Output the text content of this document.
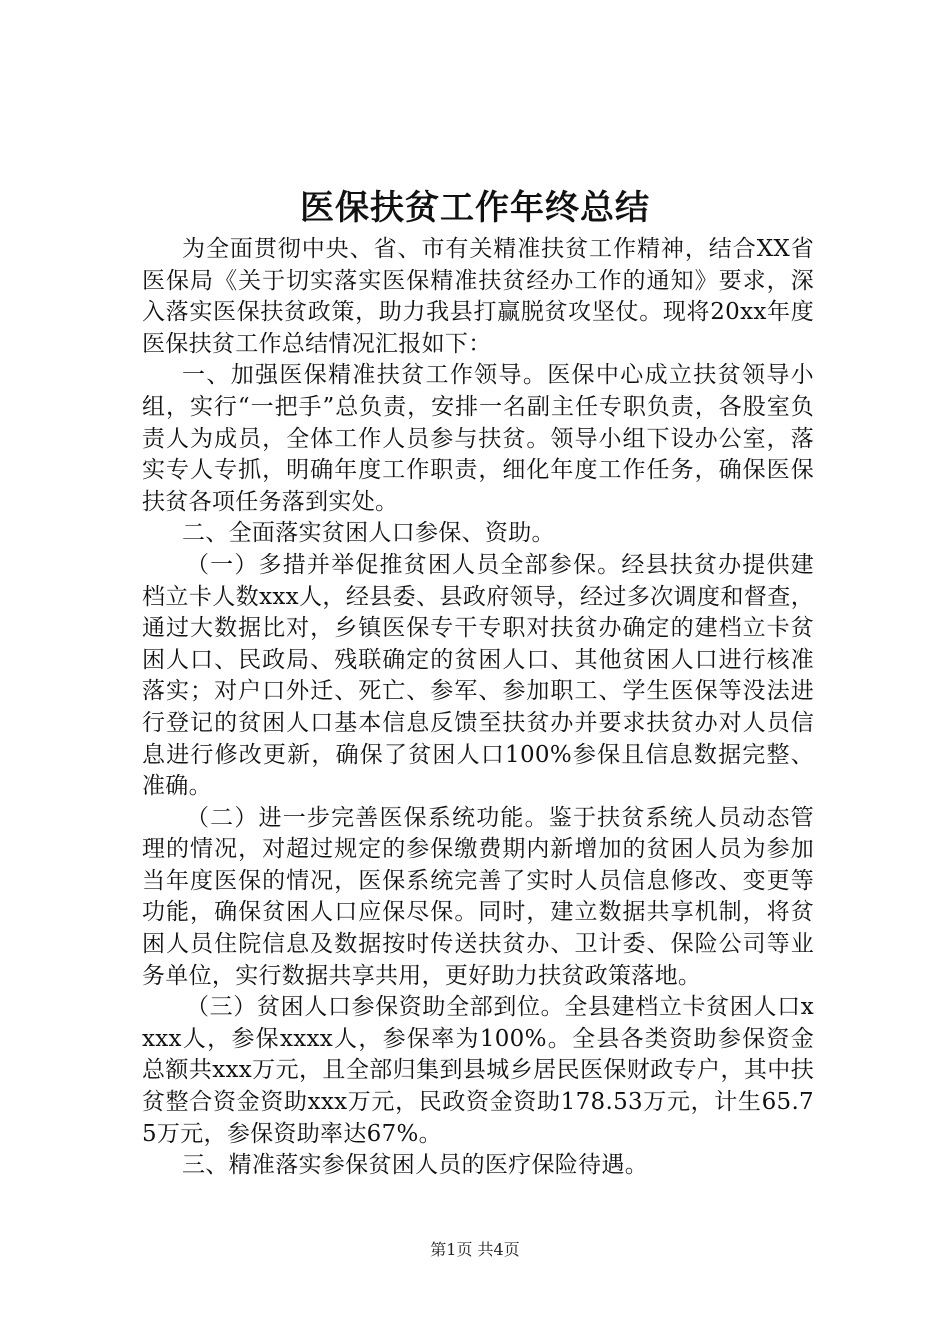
医保扶贫工作年终总结

为全面贯彻中央、省、市有关精准扶贫工作精神，结合XX省医保局《关于切实落实医保精准扶贫经办工作的通知》要求，深入落实医保扶贫政策，助力我县打赢脱贫攻坚仗。现将20xx年度医保扶贫工作总结情况汇报如下：

一、加强医保精准扶贫工作领导。医保中心成立扶贫领导小组，实行“一把手”总负责，安排一名副主任专职负责，各股室负责人为成员，全体工作人员参与扶贫。领导小组下设办公室，落实专人专抓，明确年度工作职责，细化年度工作任务，确保医保扶贫各项任务落到实处。

二、全面落实贫困人口参保、资助。

（一）多措并举促推贫困人员全部参保。经县扶贫办提供建档立卡人数xxx人，经县委、县政府领导，经过多次调度和督查，通过大数据比对，乡镇医保专干专职对扶贫办确定的建档立卡贫困人口、民政局、残联确定的贫困人口、其他贫困人口进行核准落实；对户口外迁、死亡、参军、参加职工、学生医保等没法进行登记的贫困人口基本信息反馈至扶贫办并要求扶贫办对人员信息进行修改更新，确保了贫困人口100%参保且信息数据完整、准确。

（二）进一步完善医保系统功能。鉴于扶贫系统人员动态管理的情况，对超过规定的参保缴费期内新增加的贫困人员为参加当年度医保的情况，医保系统完善了实时人员信息修改、变更等功能，确保贫困人口应保尽保。同时，建立数据共享机制，将贫困人员住院信息及数据按时传送扶贫办、卫计委、保险公司等业务单位，实行数据共享共用，更好助力扶贫政策落地。

（三）贫困人口参保资助全部到位。全县建档立卡贫困人口xxxx人，参保xxxx人，参保率为100%。全县各类资助参保资金总额共xxx万元，且全部归集到县城乡居民医保财政专户，其中扶贫整合资金资助xxx万元，民政资金资助178.53万元，计生65.75万元，参保资助率达67%。

三、精准落实参保贫困人员的医疗保险待遇。

第1页 共4页
